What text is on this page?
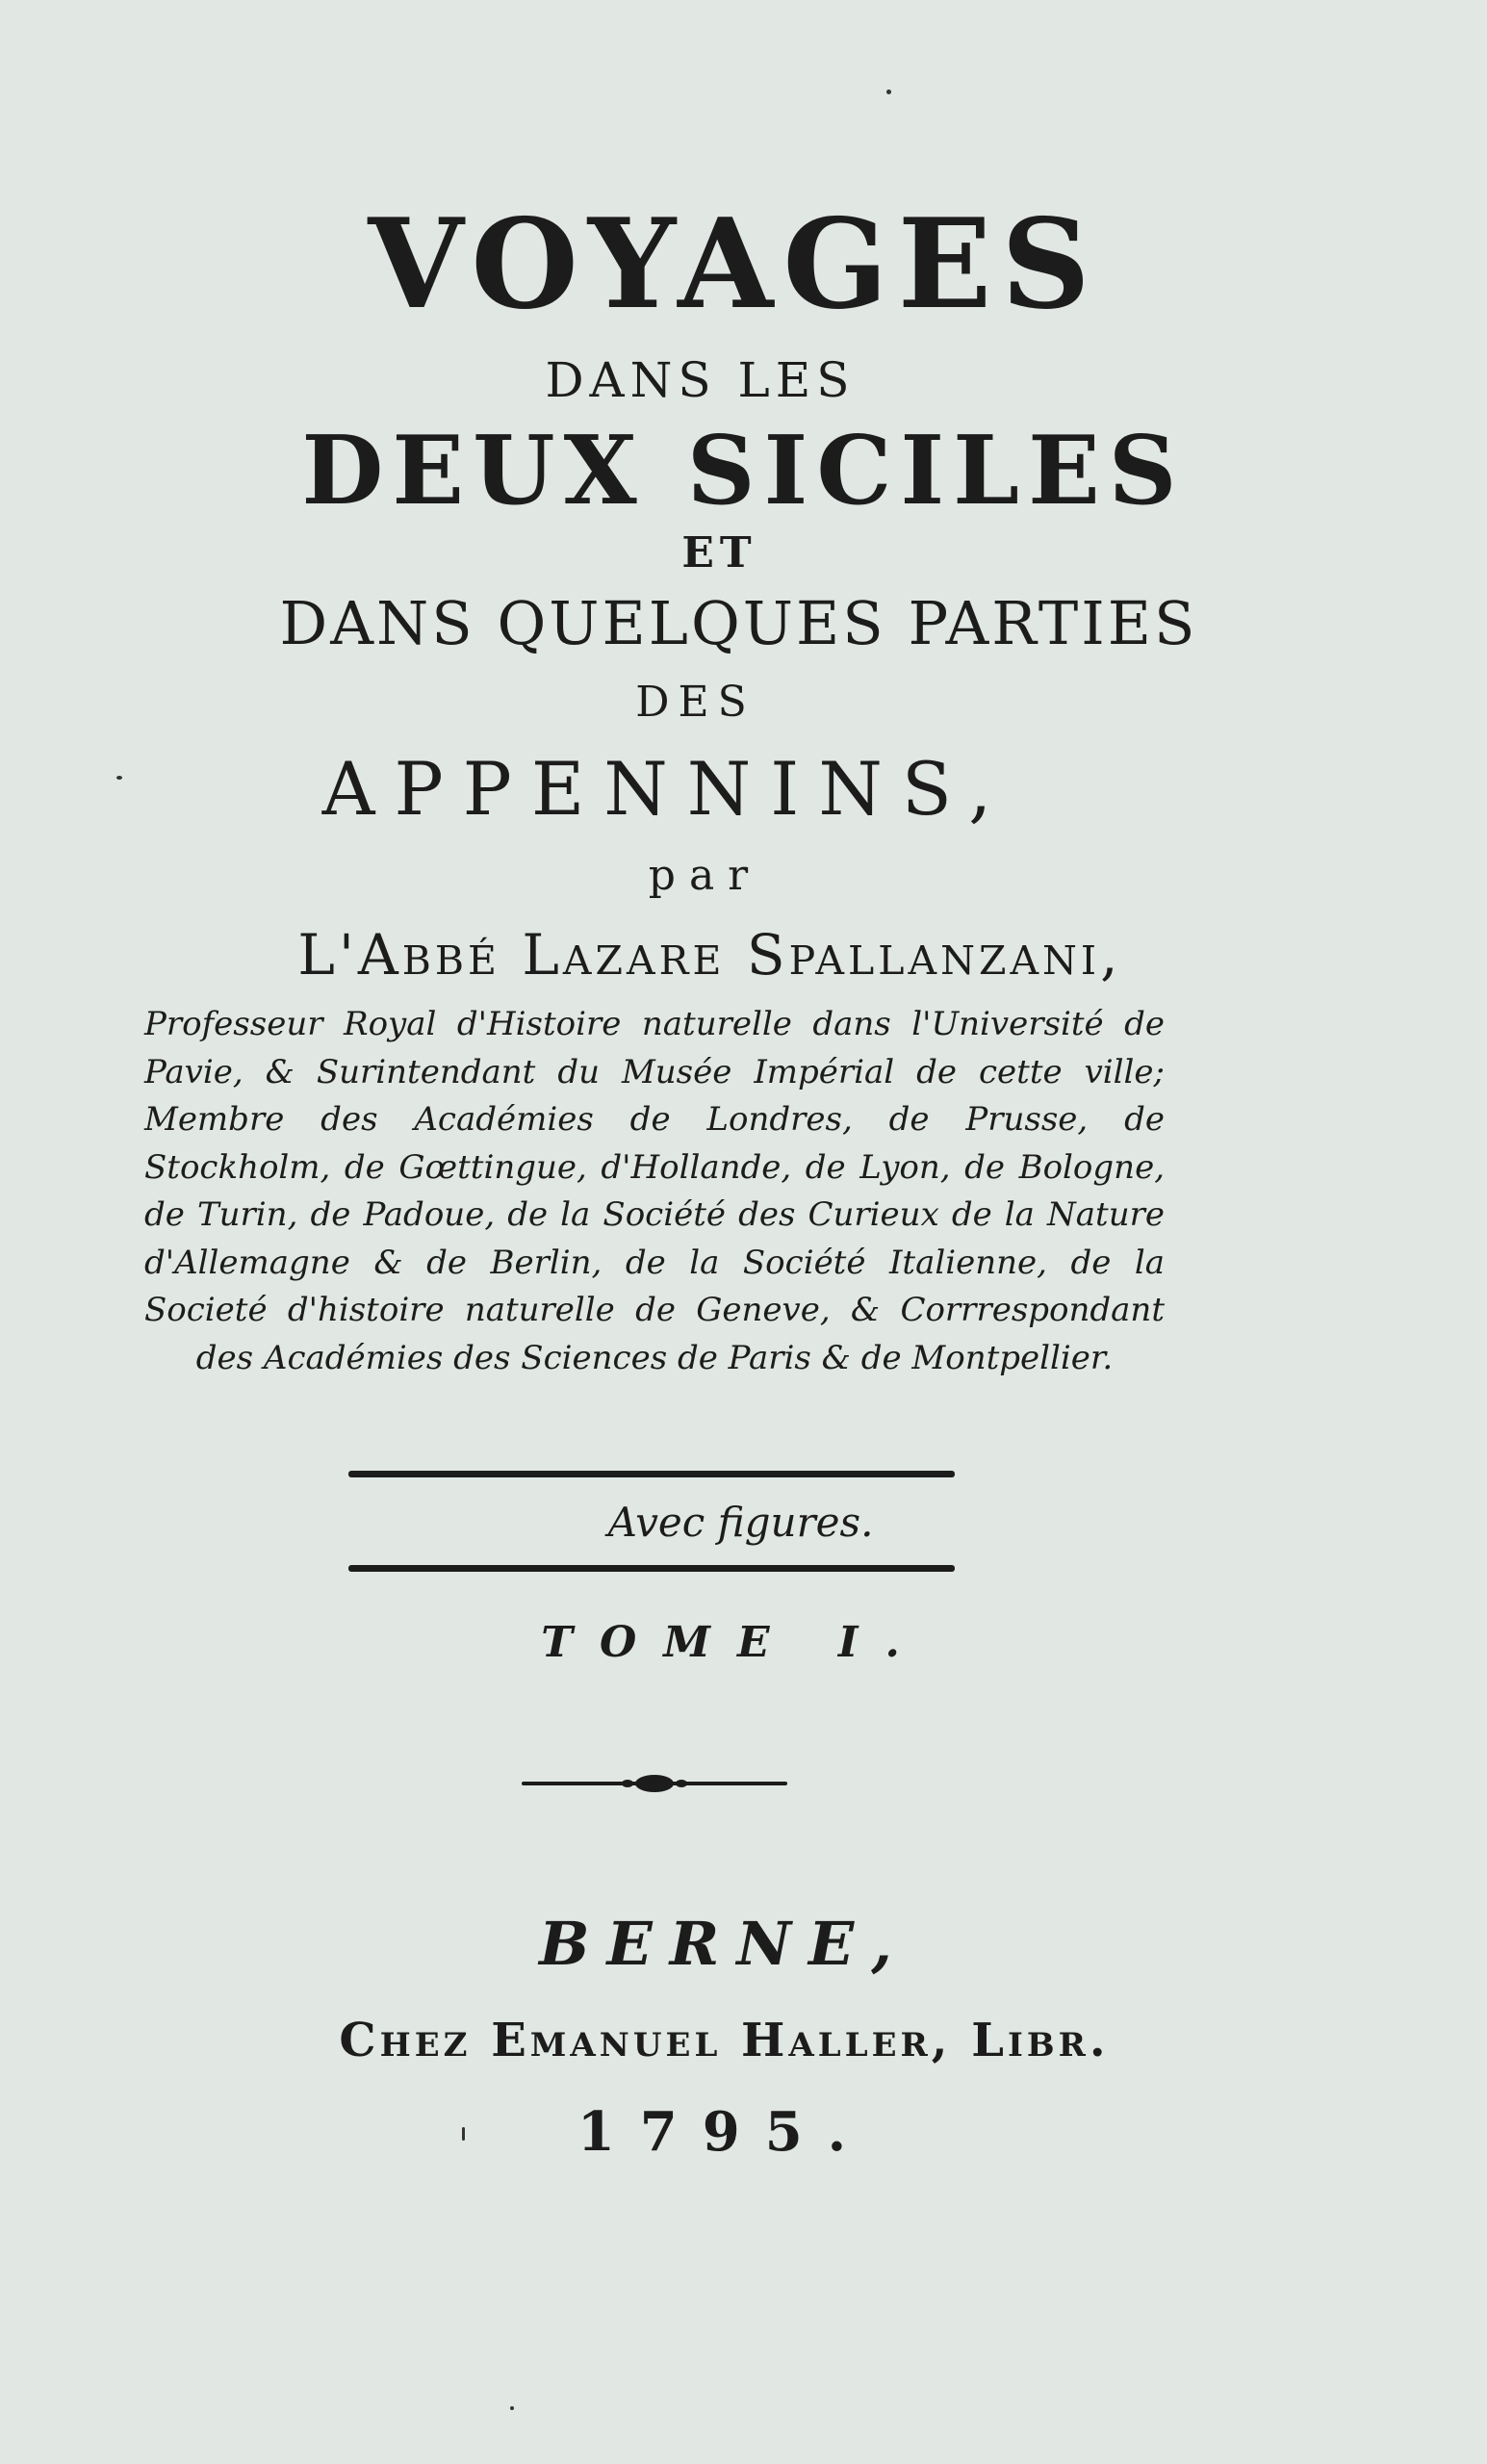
VOYAGES

DANS LES

DEUX SICILES

ET

DANS QUELQUES PARTIES

DES

APPENNINS,

par

L'Abbé Lazare Spallanzani,

Professeur Royal d'Histoire naturelle dans l'Université de Pavie, & Surintendant du Musée Impérial de cette ville; Membre des Académies de Londres, de Prusse, de Stockholm, de Gœttingue, d'Hollande, de Lyon, de Bologne, de Turin, de Padoue, de la Société des Curieux de la Nature d'Allemagne & de Berlin, de la Société Italienne, de la Societé d'histoire naturelle de Geneve, & Corrrespondant des Académies des Sciences de Paris & de Montpellier.

Avec figures.

TOME I.

BERNE,

Chez Emanuel Haller, Libr.

1795.
